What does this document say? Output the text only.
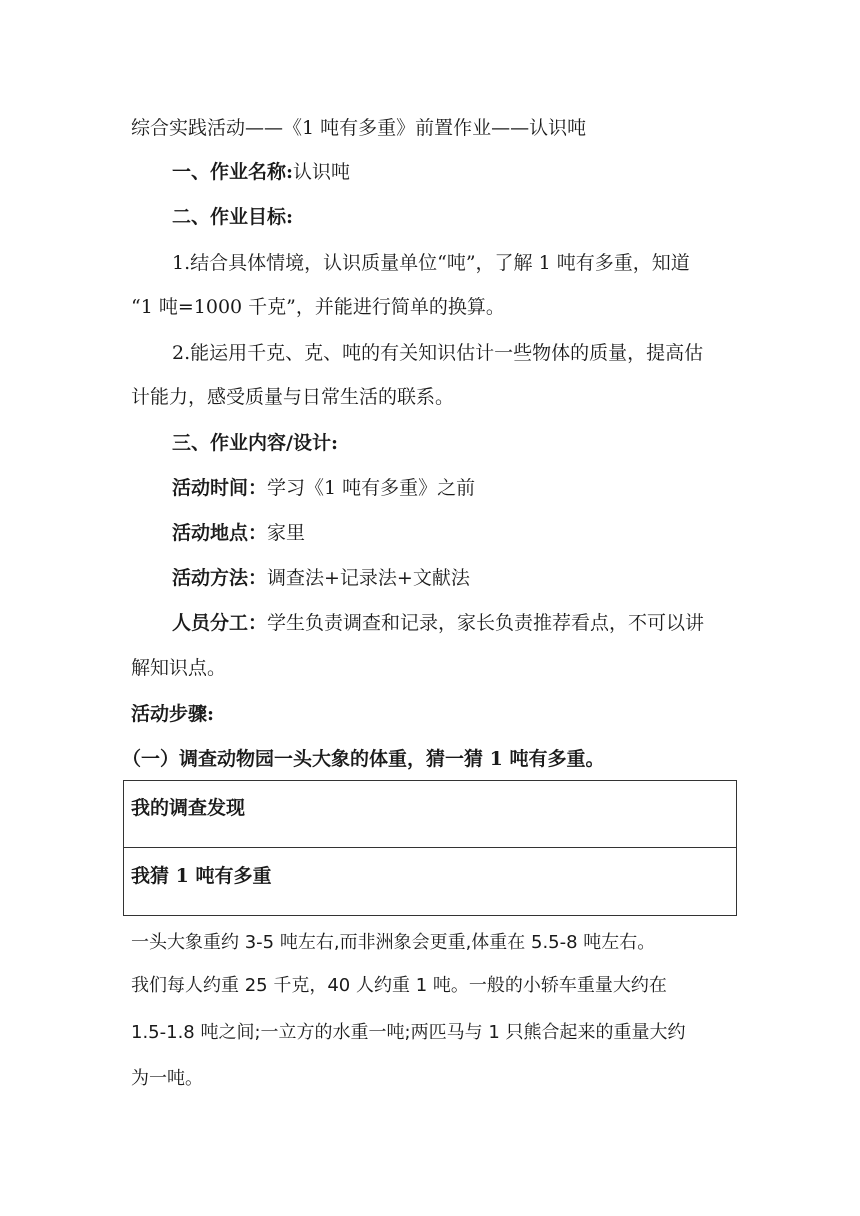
综合实践活动——《1 吨有多重》前置作业——认识吨
一、作业名称:认识吨
二、作业目标:
1.结合具体情境，认识质量单位“吨”，了解 1 吨有多重，知道
“1 吨=1000 千克”，并能进行简单的换算。
2.能运用千克、克、吨的有关知识估计一些物体的质量，提高估
计能力，感受质量与日常生活的联系。
三、作业内容/设计:
活动时间：学习《1 吨有多重》之前
活动地点：家里
活动方法：调查法+记录法+文献法
人员分工：学生负责调查和记录，家长负责推荐看点，不可以讲
解知识点。
活动步骤:
（一）调查动物园一头大象的体重，猜一猜 1 吨有多重。
我的调查发现
我猜 1 吨有多重
一头大象重约 3-5 吨左右,而非洲象会更重,体重在 5.5-8 吨左右。
我们每人约重 25 千克，40 人约重 1 吨。一般的小轿车重量大约在
1.5-1.8 吨之间;一立方的水重一吨;两匹马与 1 只熊合起来的重量大约
为一吨。
